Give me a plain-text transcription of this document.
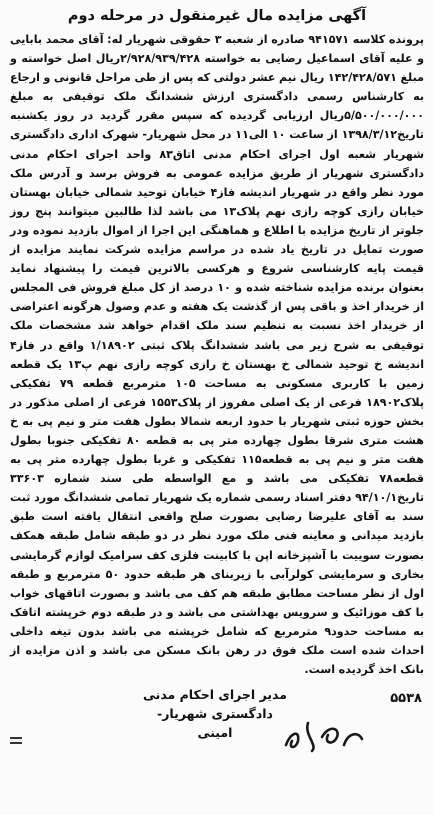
آگهی مزایده مال غیرمنقول در مرحله دوم
پرونده کلاسه ۹۴۱۵۷۱ صادره از شعبه ۳ حقوقی شهریار له: آقای محمد بابایی و علیه آقای اسماعیل رضایی به خواسته ۲/۹۲۸/۹۳۹/۴۲۸ریال اصل خواسته و مبلغ ۱۴۲/۴۲۸/۵۷۱ ریال نیم عشر دولتی که پس از طی مراحل قانونی و ارجاع به کارشناس رسمی دادگستری ارزش ششدانگ ملک توقیفی به مبلغ ۵/۵۰۰/۰۰۰/۰۰۰ریال ارزیابی گردیده که سپس مقرر گردید در روز یکشنبه تاریخ۱۳۹۸/۳/۱۲ از ساعت ۱۰ الی۱۱ در محل شهریار- شهرک اداری دادگستری شهریار شعبه اول اجرای احکام مدنی اتاق۸۳ واحد اجرای احکام مدنی دادگستری شهریار از طریق مزایده عمومی به فروش برسد و آدرس ملک مورد نظر واقع در شهریار اندیشه فاز۴ خیابان توحید شمالی خیابان بهستان خیابان رازی کوچه رازی نهم پلاک۱۳ می باشد لذا طالبین میتوانند پنج روز جلوتر از تاریخ مزایده با اطلاع و هماهنگی این اجرا از اموال بازدید نموده ودر صورت تمایل در تاریخ یاد شده در مراسم مزایده شرکت نمایند مزایده از قیمت پایه کارشناسی شروع و هرکسی بالاترین قیمت را پیشنهاد نماید بعنوان برنده مزایده شناخته شده و ۱۰ درصد از کل مبلغ فروش فی المجلس از خریدار اخذ و باقی پس از گذشت یک هفته و عدم وصول هرگونه اعتراضی از خریدار اخذ نسبت به تنظیم سند ملک اقدام خواهد شد مشخصات ملک توقیفی به شرح زیر می باشد ششدانگ پلاک ثبتی ۱/۱۸۹۰۲ واقع در فاز۴ اندیشه خ توحید شمالی خ بهستان خ رازی کوچه رازی نهم پ۱۳ یک قطعه زمین با کاربری مسکونی به مساحت ۱۰۵ مترمربع قطعه ۷۹ تفکیکی پلاک۱۸۹۰۲ فرعی از یک اصلی مفروز از پلاک۱۵۵۳ فرعی از اصلی مذکور در بخش حوزه ثبتی شهریار با حدود اربعه شمالا بطول هفت متر و نیم پی به خ هشت متری شرقا بطول چهارده متر پی به قطعه ۸۰ تفکیکی جنوبا بطول هفت متر و نیم پی به قطعه۱۱۵ تفکیکی و غربا بطول چهارده متر پی به قطعه۷۸ تفکیکی می باشد و مع الواسطه طی سند شماره ۳۳۶۰۳ تاریخ۹۴/۱۰/۱ دفتر اسناد رسمی شماره یک شهریار تمامی ششدانگ مورد ثبت سند به آقای علیرضا رضایی بصورت صلح واقعی انتقال یافته است طبق بازدید میدانی و معاینه فنی ملک مورد نظر در دو طبقه شامل طبقه همکف بصورت سوییت با آشپزخانه اپن با کابینت فلزی کف سرامیک لوازم گرمایشی بخاری و سرمایشی کولرآبی با زیربنای هر طبقه حدود ۵۰ مترمربع و طبقه اول از نظر مساحت مطابق طبقه هم کف می باشد و بصورت اتاقهای خواب با کف موزائیک و سرویس بهداشتی می باشد و در طبقه دوم خرپشته اتاقک به مساحت حدود۹ مترمربع که شامل خرپشته می باشد بدون تیغه داخلی احداث شده است ملک فوق در رهن بانک مسکن می باشد و اذن مزایده از بانک اخذ گردیده است.
۵۵۳۸
مدیر اجرای احکام مدنی
دادگستری شهریار- امینی
